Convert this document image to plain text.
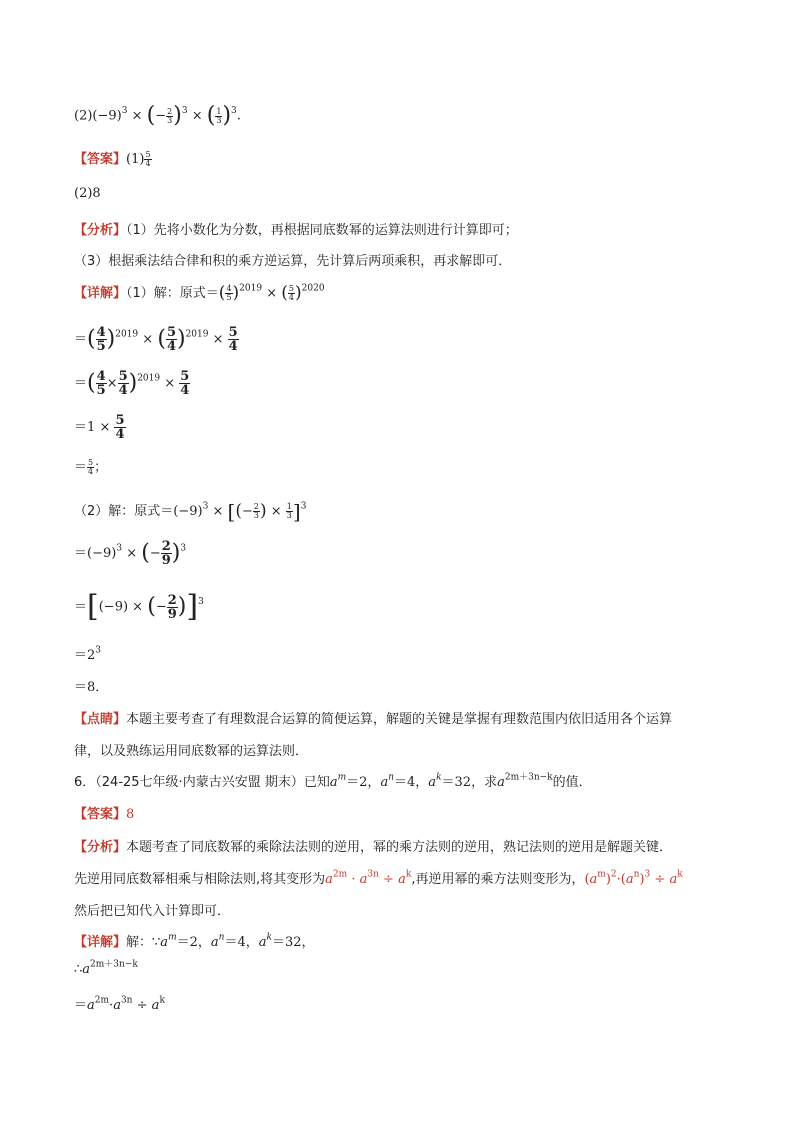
$(2)(-9)^3$ × (− $\frac{2}{3} )^3$ × ( $\frac{1}{3} )^3$.
【答案】$(1) \frac{5}{4}$
(2)8
【分析】（1）先将小数化为分数，再根据同底数幂的运算法则进行计算即可；
（3）根据乘法结合律和积的乘方逆运算，先计算后两项乘积，再求解即可．
【详解】（1）解：原式＝( $\frac{4}{5} )^{2019}$ × ( $\frac{5}{4} )^{2020}$
＝( $\frac{4}{5} )^{2019}$ × ( $\frac{5}{4} )^{2019} \times \frac{5}{4}$
＝( $\frac{4}{5} \times \frac{5}{4} )^{2019} \times \frac{5}{4}$
$=1 \times \frac{5}{4}$
＝ $\frac{5}{4}$ ；
（2）解：原式$=(-9)^3$ × [(− $\frac{2}{3}$ ) × $\frac{1}{3} ]^3$
$=(-9)^3$ × (− $\frac{2}{9} )^3$
＝[(−9) × (− $\frac{2}{9} )]^3$
$=2^3$
＝8．
【点睛】本题主要考查了有理数混合运算的简便运算，解题的关键是掌握有理数范围内依旧适用各个运算
律，以及熟练运用同底数幂的运算法则．
6．（24-25七年级·内蒙古兴安盟 期末）已知$a^m=2$，$a^n=4$，$a^k=32$，求$a^{2m+3n-k}$的值．
【答案】8
【分析】本题考查了同底数幂的乘除法法则的逆用，幂的乘方法则的逆用，熟记法则的逆用是解题关键．
先逆用同底数幂相乘与相除法则,将其变形为$a^{2m} \cdot a^{3n} \div a^k$,再逆用幂的乘方法则变形为，$(a^m)^2\cdot(a^n)^3 \div a^k$
然后把已知代入计算即可．
【详解】解：$\because a^m=2$，$a^n=4$，$a^k=32$，
$\therefore a^{2m+3n-k}$
$=a^{2m}\cdot a^{3n} \div a^k$
